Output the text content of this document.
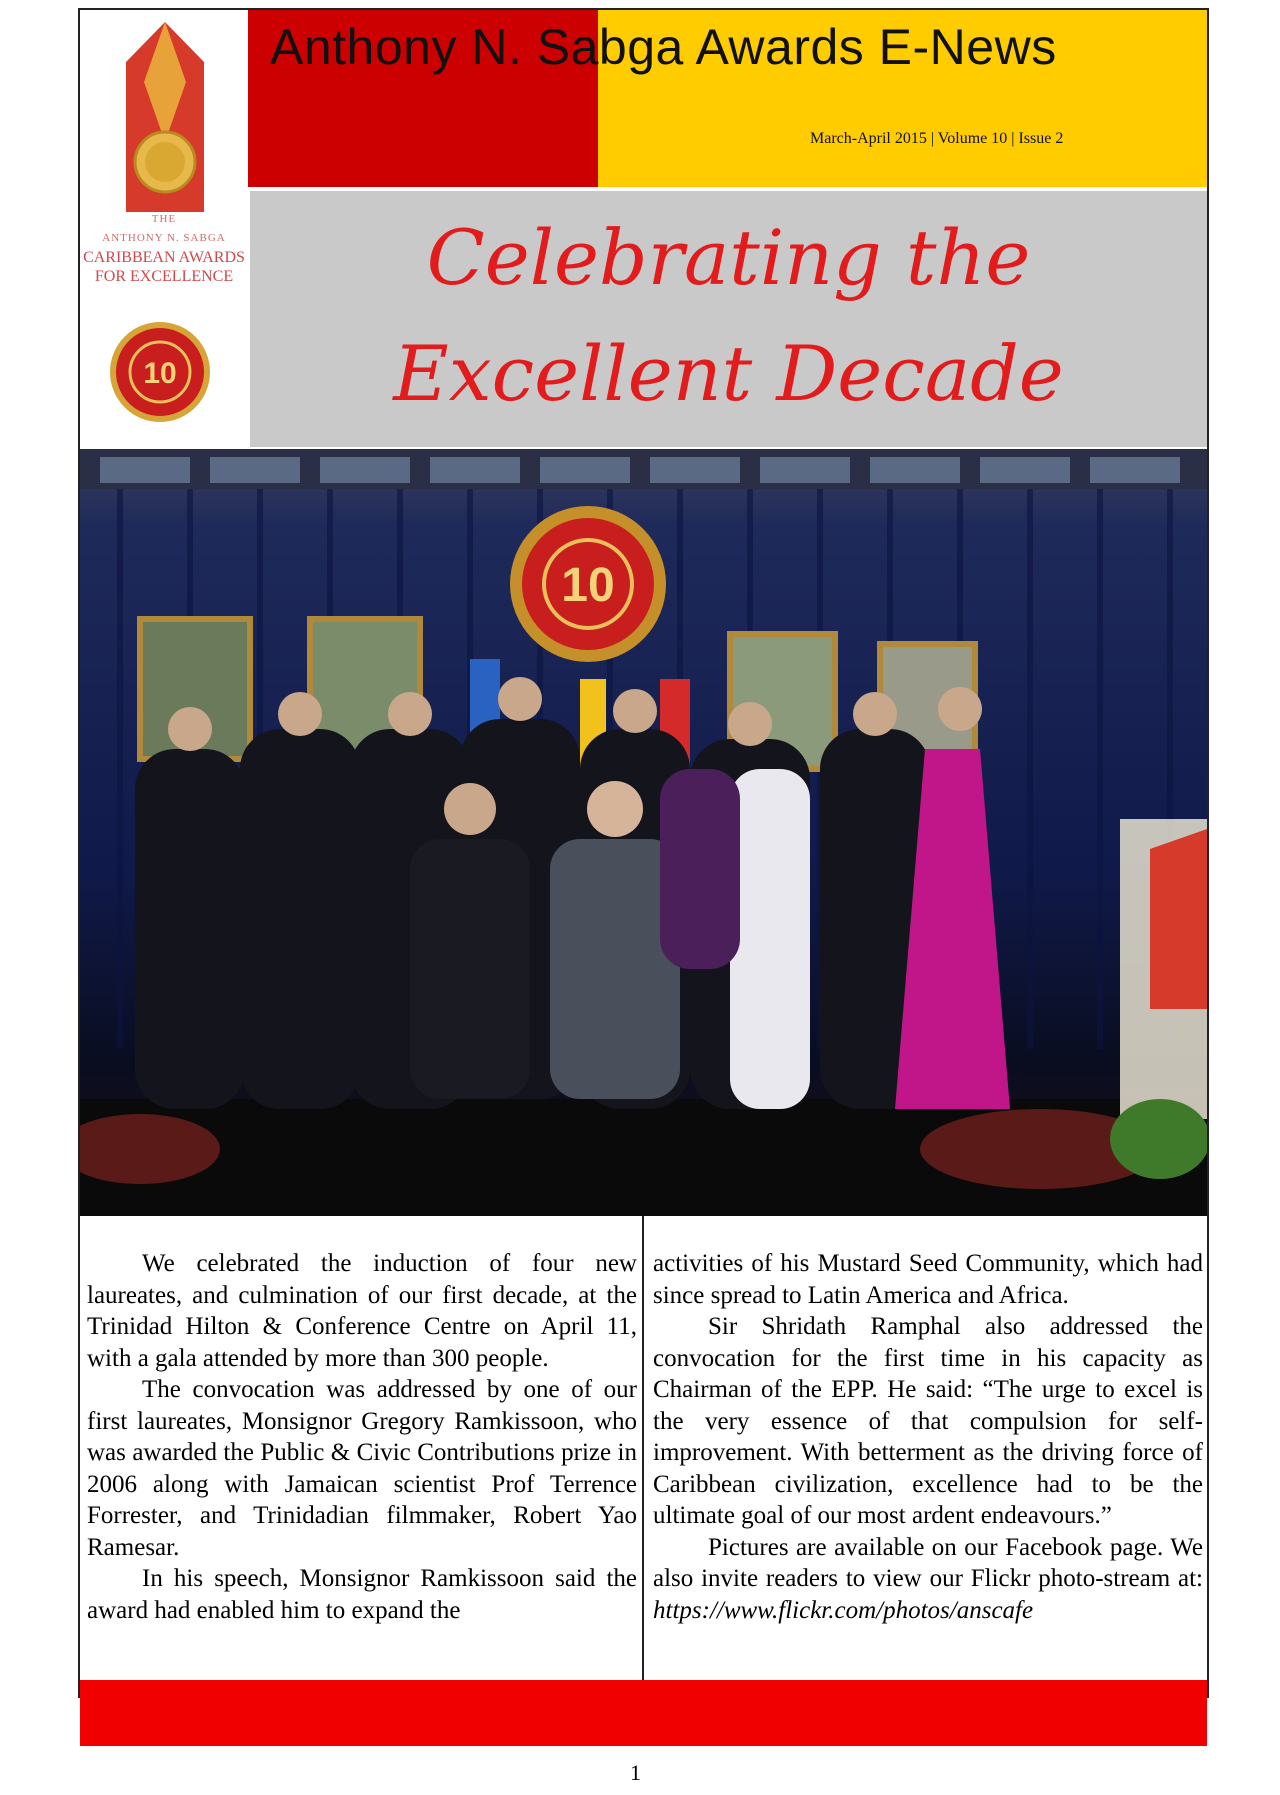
THE
ANTHONY N. SABGA
CARIBBEAN AWARDS
FOR EXCELLENCE
10
Anthony N. Sabga Awards E-News
March-April 2015 | Volume 10 | Issue 2
Celebrating the
Excellent Decade
10

We celebrated the induction of four new laureates, and culmination of our first decade, at the Trinidad Hilton & Conference Centre on April 11, with a gala attended by more than 300 people.

The convocation was addressed by one of our first laureates, Monsignor Gregory Ramkissoon, who was awarded the Public & Civic Contributions prize in 2006 along with Jamaican scientist Prof Terrence Forrester, and Trinidadian filmmaker, Robert Yao Ramesar.

In his speech, Monsignor Ramkissoon said the award had enabled him to expand the

activities of his Mustard Seed Community, which had since spread to Latin America and Africa.

Sir Shridath Ramphal also addressed the convocation for the first time in his capacity as Chairman of the EPP. He said: “The urge to excel is the very essence of that compulsion for self-improvement. With betterment as the driving force of Caribbean civilization, excellence had to be the ultimate goal of our most ardent endeavours.”

Pictures are available on our Facebook page. We also invite readers to view our Flickr photo-stream at: https://www.flickr.com/photos/anscafe

1
